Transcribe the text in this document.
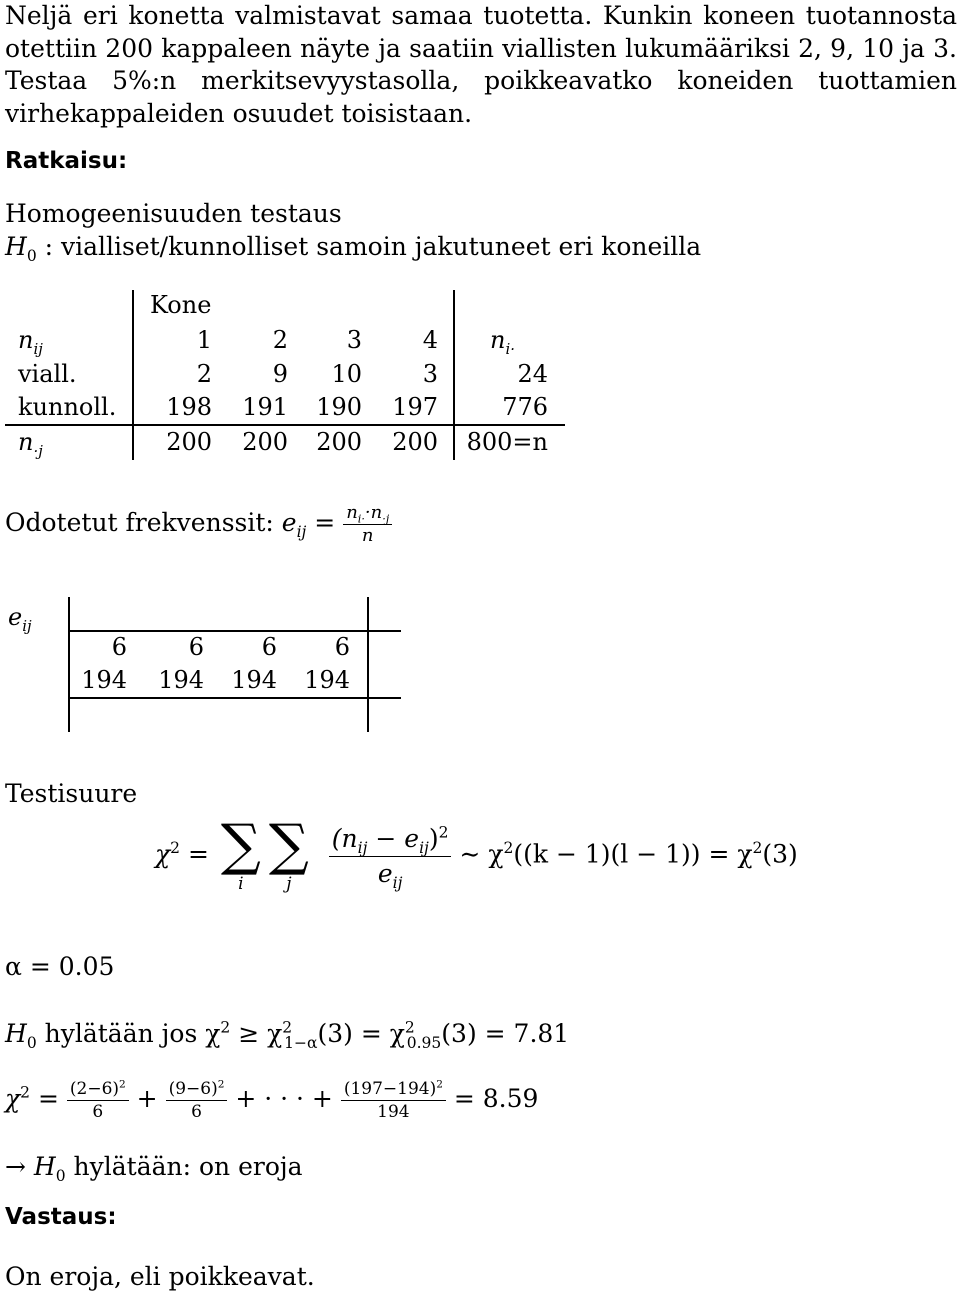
Neljä eri konetta valmistavat samaa tuotetta. Kunkin koneen tuotannosta otettiin 200 kappaleen näyte ja saatiin viallisten lukumääriksi 2, 9, 10 ja 3. Testaa 5%:n merkitsevyystasolla, poikkeavatko koneiden tuottamien virhekappaleiden osuudet toisistaan.
Ratkaisu:
Homogeenisuuden testaus
$H_0$ : vialliset/kunnolliset samoin jakutuneet eri koneilla
Kone
$n_{ij}$	1	2	3	4 $n_{i\cdot}$
viall.	2	9	10	3	24
kunnoll. 198 191 190 197	776
$n_{\cdot j}$	200 200 200 200 800=n
Odotetut frekvenssit: $e_{ij} = \frac{n_{i\cdot}\cdot n_{\cdot j}}{n}$
$e_{ij}$
6	6	6	6
194 194 194 194
Testisuure
$\chi^2$ = ∑
i
∑
j
	$\frac{(n_{ij} - e_{ij})^2}{e_{ij}}$ ∼ $\chi^2((k - 1)(l - 1)) = \chi^2(3)$
α = 0.05
$H_0$ hylätään jos $\chi^2 \ge \chi^2_{1-\alpha}(3) = \chi^2_{0.95}(3) = 7.81$
$\chi^2 = \frac{(2-6)^2}{6} + \frac{(9-6)^2}{6}$ + · · · + $\frac{(197-194)^2}{194} = 8.59$
→ $H_0$ hylätään: on eroja
Vastaus:
On eroja, eli poikkeavat.
